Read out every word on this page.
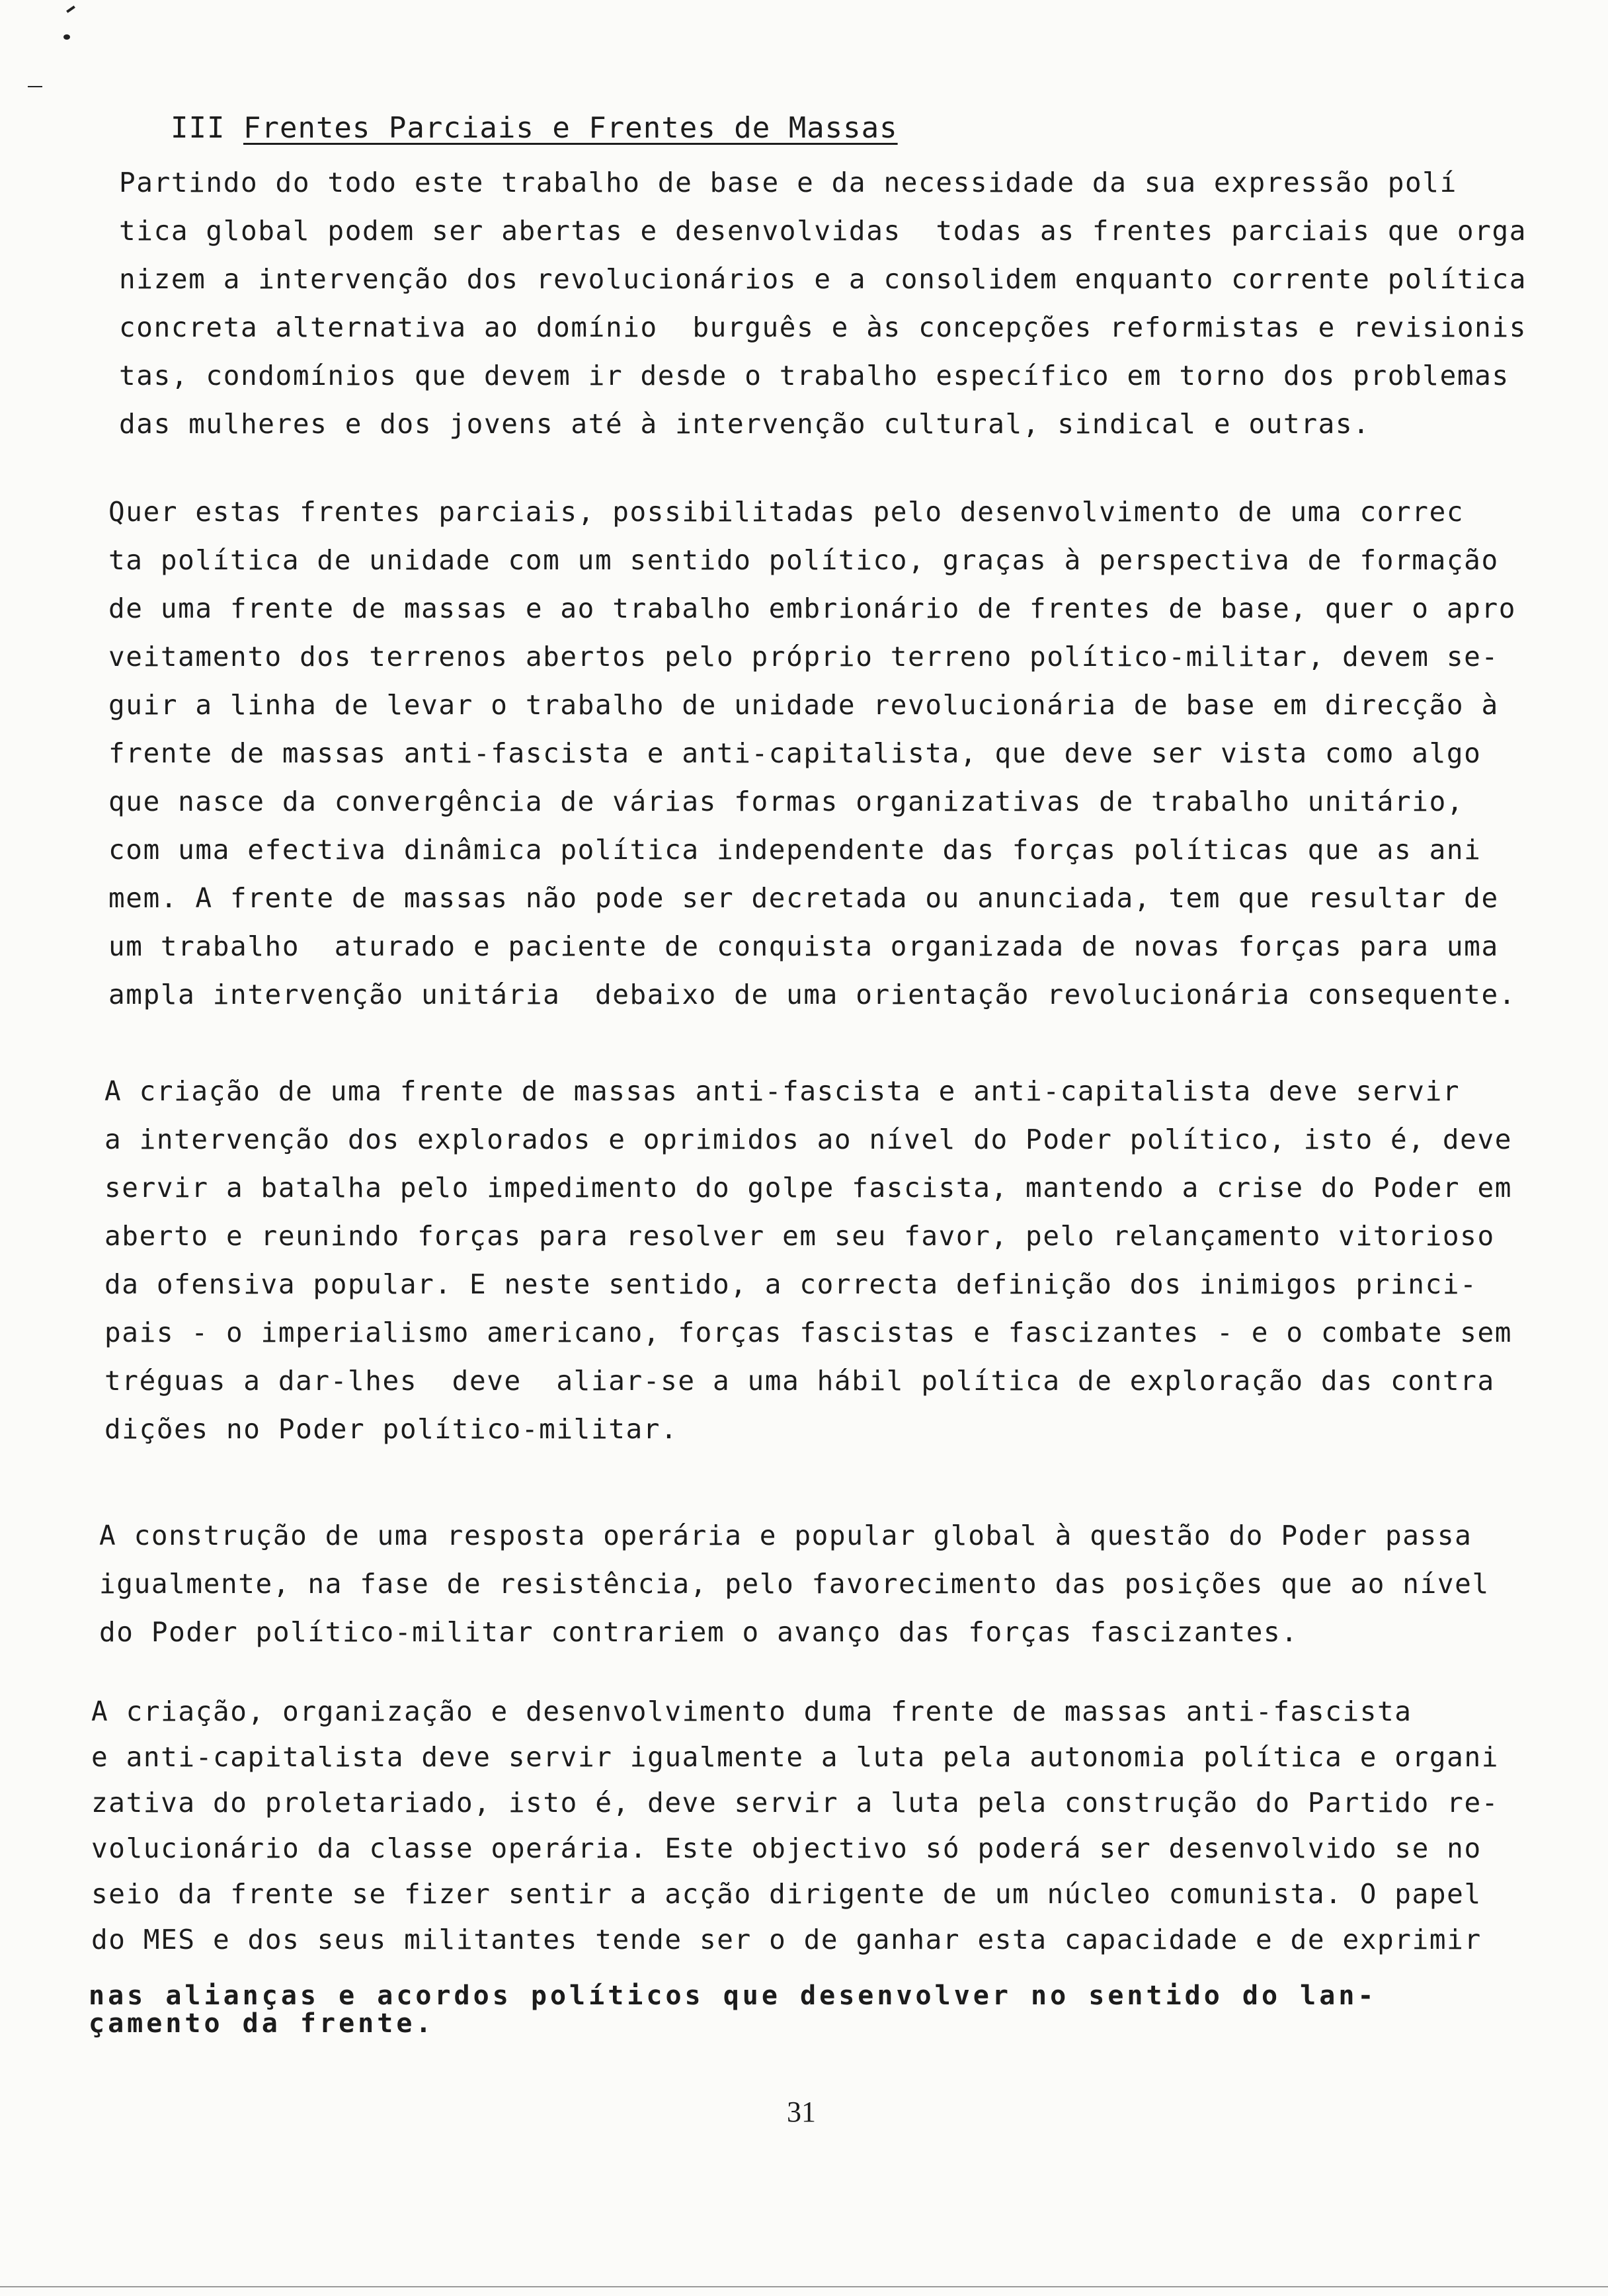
III Frentes Parciais e Frentes de Massas
Partindo do todo este trabalho de base e da necessidade da sua expressão polí
tica global podem ser abertas e desenvolvidas  todas as frentes parciais que orga
nizem a intervenção dos revolucionários e a consolidem enquanto corrente política
concreta alternativa ao domínio  burguês e às concepções reformistas e revisionis
tas, condomínios que devem ir desde o trabalho específico em torno dos problemas
das mulheres e dos jovens até à intervenção cultural, sindical e outras.
Quer estas frentes parciais, possibilitadas pelo desenvolvimento de uma correc
ta política de unidade com um sentido político, graças à perspectiva de formação
de uma frente de massas e ao trabalho embrionário de frentes de base, quer o apro
veitamento dos terrenos abertos pelo próprio terreno político-militar, devem se-
guir a linha de levar o trabalho de unidade revolucionária de base em direcção à
frente de massas anti-fascista e anti-capitalista, que deve ser vista como algo
que nasce da convergência de várias formas organizativas de trabalho unitário,
com uma efectiva dinâmica política independente das forças políticas que as ani
mem. A frente de massas não pode ser decretada ou anunciada, tem que resultar de
um trabalho  aturado e paciente de conquista organizada de novas forças para uma
ampla intervenção unitária  debaixo de uma orientação revolucionária consequente.
A criação de uma frente de massas anti-fascista e anti-capitalista deve servir
a intervenção dos explorados e oprimidos ao nível do Poder político, isto é, deve
servir a batalha pelo impedimento do golpe fascista, mantendo a crise do Poder em
aberto e reunindo forças para resolver em seu favor, pelo relançamento vitorioso
da ofensiva popular. E neste sentido, a correcta definição dos inimigos princi-
pais - o imperialismo americano, forças fascistas e fascizantes - e o combate sem
tréguas a dar-lhes  deve  aliar-se a uma hábil política de exploração das contra
dições no Poder político-militar.
A construção de uma resposta operária e popular global à questão do Poder passa
igualmente, na fase de resistência, pelo favorecimento das posições que ao nível
do Poder político-militar contrariem o avanço das forças fascizantes.
A criação, organização e desenvolvimento duma frente de massas anti-fascista
e anti-capitalista deve servir igualmente a luta pela autonomia política e organi
zativa do proletariado, isto é, deve servir a luta pela construção do Partido re-
volucionário da classe operária. Este objectivo só poderá ser desenvolvido se no
seio da frente se fizer sentir a acção dirigente de um núcleo comunista. O papel
do MES e dos seus militantes tende ser o de ganhar esta capacidade e de exprimir
nas alianças e acordos políticos que desenvolver no sentido do lan-
çamento da frente.
31
